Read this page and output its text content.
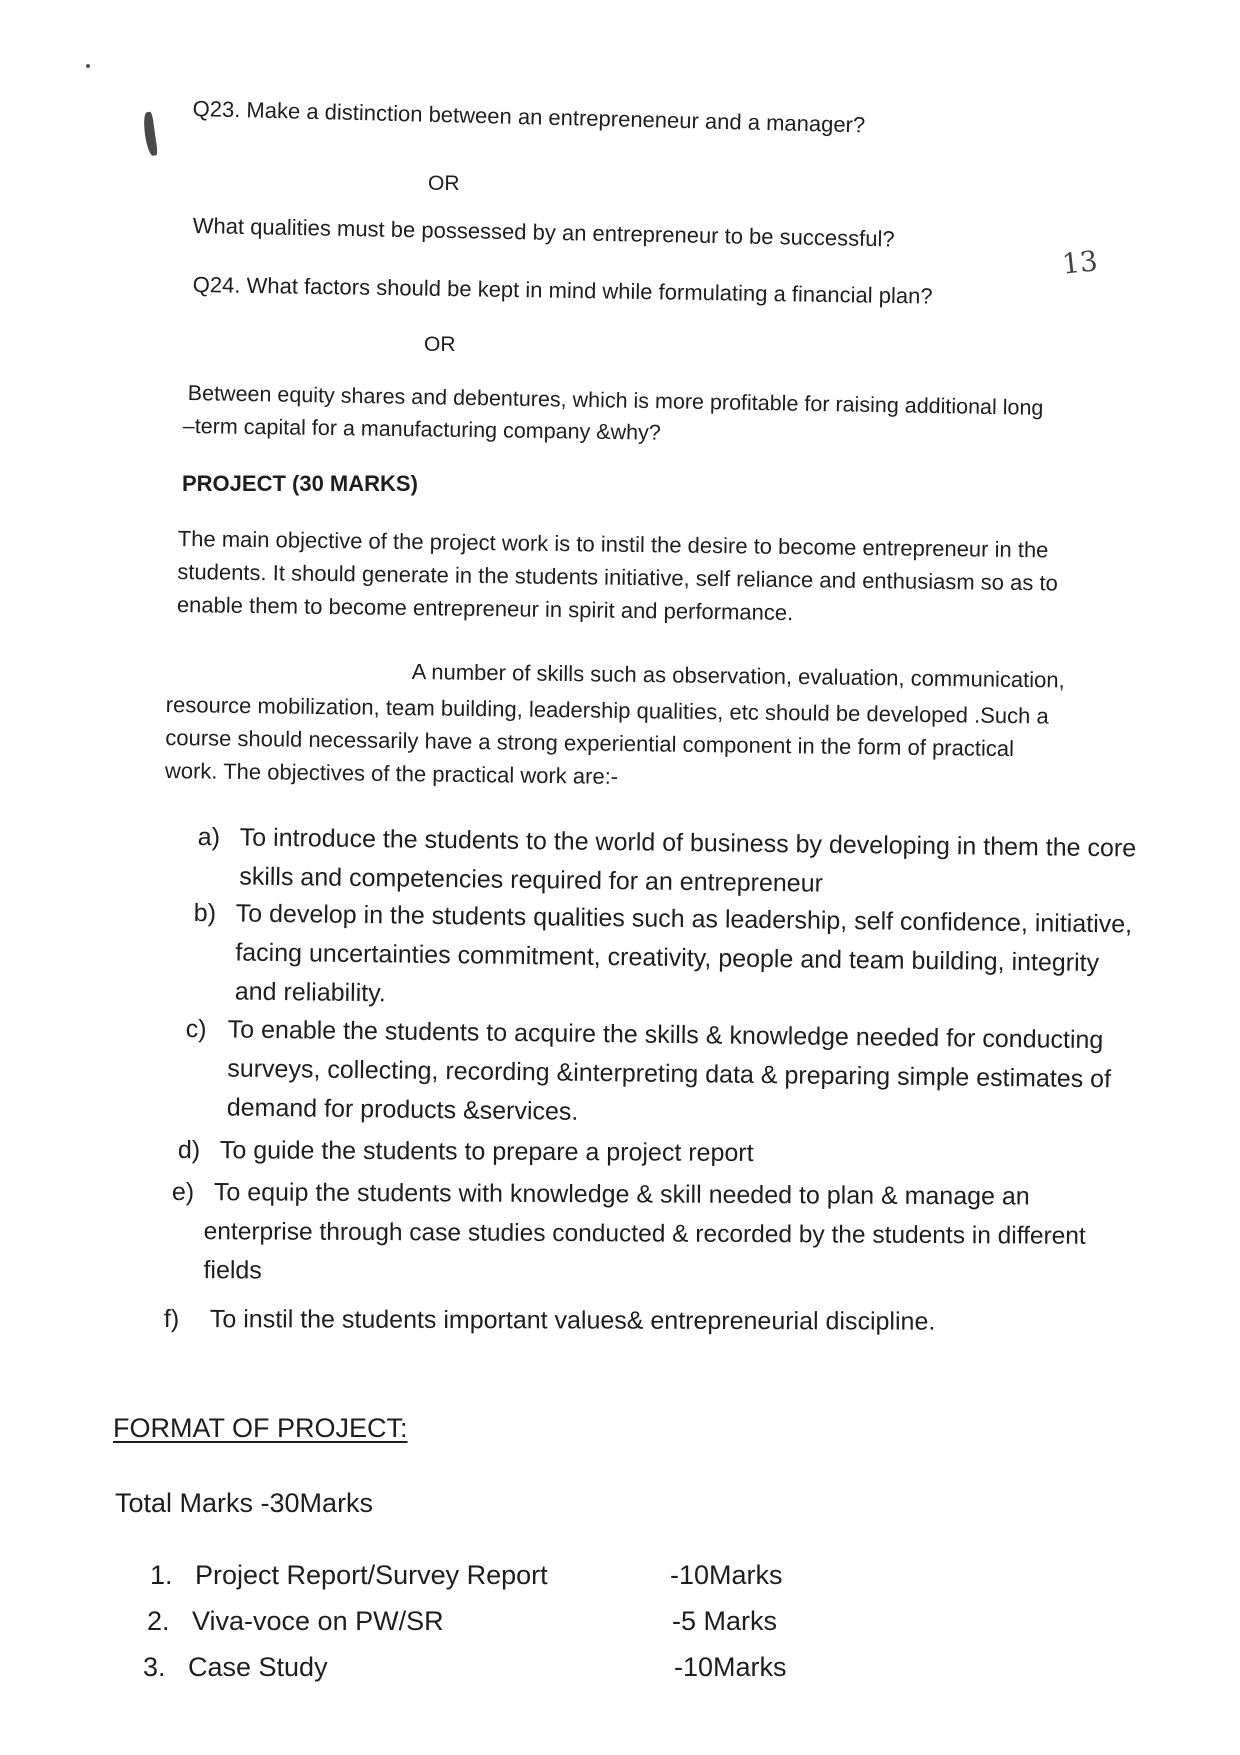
Q23. Make a distinction between an entrepreneneur and a manager?
OR
What qualities must be possessed by an entrepreneur to be successful?
13
Q24. What factors should be kept in mind while formulating a financial plan?
OR
Between equity shares and debentures, which is more profitable for raising additional long
–term capital for a manufacturing company &why?
PROJECT (30 MARKS)
The main objective of the project work is to instil the desire to become entrepreneur in the
students. It should generate in the students initiative, self reliance and enthusiasm so as to
enable them to become entrepreneur in spirit and performance.
A number of skills such as observation, evaluation, communication,
resource mobilization, team building, leadership qualities, etc should be developed .Such a
course should necessarily have a strong experiential component in the form of practical
work. The objectives of the practical work are:-
a) To introduce the students to the world of business by developing in them the core
skills and competencies required for an entrepreneur
b) To develop in the students qualities such as leadership, self confidence, initiative,
facing uncertainties commitment, creativity, people and team building, integrity
and reliability.
c) To enable the students to acquire the skills & knowledge needed for conducting
surveys, collecting, recording &interpreting data & preparing simple estimates of
demand for products &services.
d) To guide the students to prepare a project report
e) To equip the students with knowledge & skill needed to plan & manage an
enterprise through case studies conducted & recorded by the students in different
fields
f) To instil the students important values& entrepreneurial discipline.
FORMAT OF PROJECT:
Total Marks -30Marks
1. Project Report/Survey Report	-10Marks
2. Viva-voce on PW/SR	-5 Marks
3. Case Study	-10Marks
